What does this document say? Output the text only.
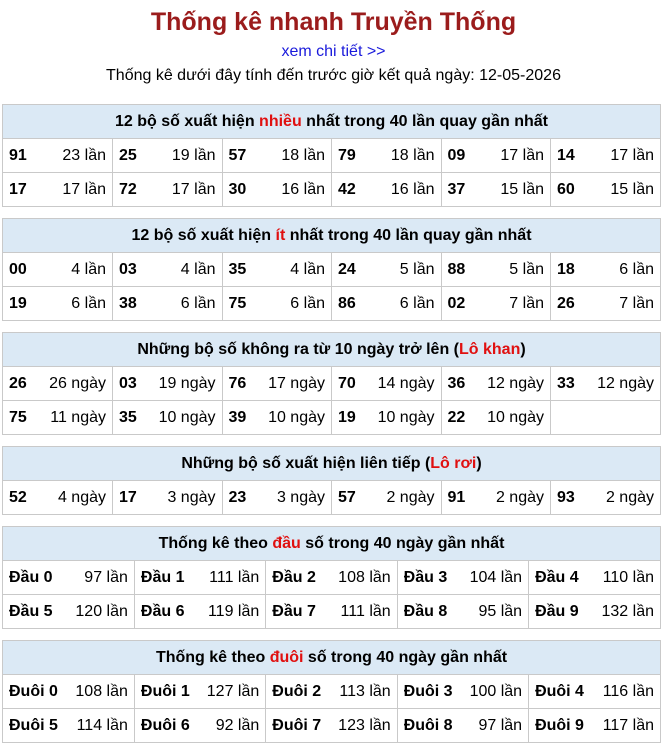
Thống kê nhanh Truyền Thống
xem chi tiết >>
Thống kê dưới đây tính đến trước giờ kết quả ngày: 12-05-2026
12 bộ số xuất hiện nhiều nhất trong 40 lần quay gần nhất
91 23 lần	25 19 lần	57 18 lần	79 18 lần	09 17 lần	14 17 lần

17 17 lần	72 17 lần	30 16 lần	42 16 lần	37 15 lần	60 15 lần
12 bộ số xuất hiện ít nhất trong 40 lần quay gần nhất
00 4 lần	03 4 lần	35 4 lần	24 5 lần	88 5 lần	18 6 lần

19 6 lần	38 6 lần	75 6 lần	86 6 lần	02 7 lần	26 7 lần
Những bộ số không ra từ 10 ngày trở lên (Lô khan)
26 26 ngày	03 19 ngày	76 17 ngày	70 14 ngày	36 12 ngày	33 12 ngày

75 11 ngày	35 10 ngày	39 10 ngày	19 10 ngày	22 10 ngày	

Những bộ số xuất hiện liên tiếp (Lô rơi)
52 4 ngày	17 3 ngày	23 3 ngày	57 2 ngày	91 2 ngày	93 2 ngày
Thống kê theo đầu số trong 40 ngày gần nhất
Đầu 0 97 lần	Đầu 1 111 lần	Đầu 2 108 lần	Đầu 3 104 lần	Đầu 4 110 lần

Đầu 5 120 lần	Đầu 6 119 lần	Đầu 7 111 lần	Đầu 8 95 lần	Đầu 9 132 lần
Thống kê theo đuôi số trong 40 ngày gần nhất
Đuôi 0 108 lần	Đuôi 1 127 lần	Đuôi 2 113 lần	Đuôi 3 100 lần	Đuôi 4 116 lần

Đuôi 5 114 lần	Đuôi 6 92 lần	Đuôi 7 123 lần	Đuôi 8 97 lần	Đuôi 9 117 lần
